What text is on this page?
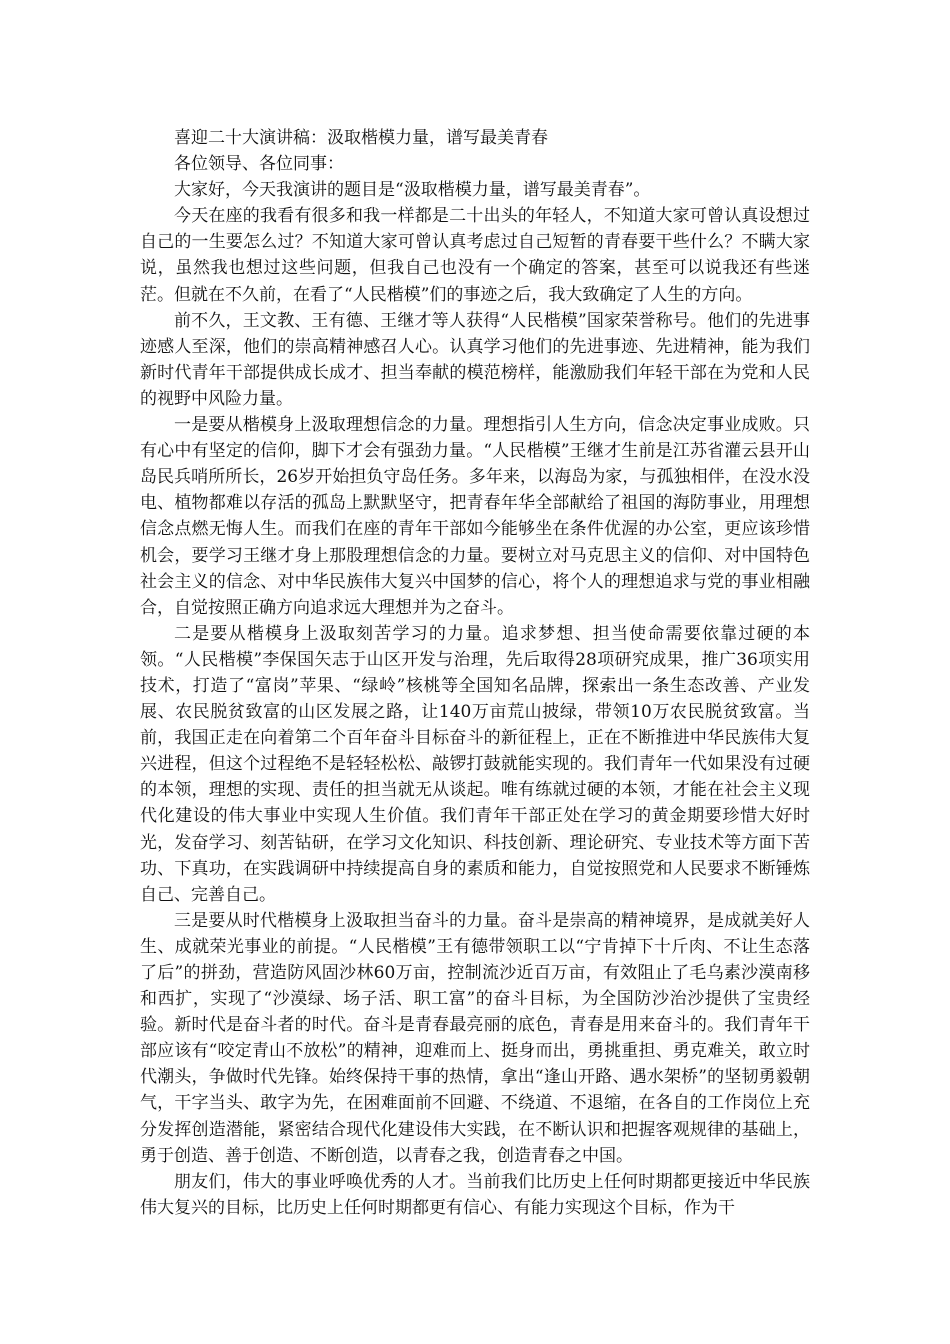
喜迎二十大演讲稿：汲取楷模力量，谱写最美青春

各位领导、各位同事：

大家好，今天我演讲的题目是“汲取楷模力量，谱写最美青春”。

今天在座的我看有很多和我一样都是二十出头的年轻人，不知道大家可曾认真设想过自己的一生要怎么过？不知道大家可曾认真考虑过自己短暂的青春要干些什么？不瞒大家说，虽然我也想过这些问题，但我自己也没有一个确定的答案，甚至可以说我还有些迷茫。但就在不久前，在看了“人民楷模”们的事迹之后，我大致确定了人生的方向。

前不久，王文教、王有德、王继才等人获得“人民楷模”国家荣誉称号。他们的先进事迹感人至深，他们的崇高精神感召人心。认真学习他们的先进事迹、先进精神，能为我们新时代青年干部提供成长成才、担当奉献的模范榜样，能激励我们年轻干部在为党和人民的视野中风险力量。

一是要从楷模身上汲取理想信念的力量。理想指引人生方向，信念决定事业成败。只有心中有坚定的信仰，脚下才会有强劲力量。“人民楷模”王继才生前是江苏省灌云县开山岛民兵哨所所长，26岁开始担负守岛任务。多年来，以海岛为家，与孤独相伴，在没水没电、植物都难以存活的孤岛上默默坚守，把青春年华全部献给了祖国的海防事业，用理想信念点燃无悔人生。而我们在座的青年干部如今能够坐在条件优渥的办公室，更应该珍惜机会，要学习王继才身上那股理想信念的力量。要树立对马克思主义的信仰、对中国特色社会主义的信念、对中华民族伟大复兴中国梦的信心，将个人的理想追求与党的事业相融合，自觉按照正确方向追求远大理想并为之奋斗。

二是要从楷模身上汲取刻苦学习的力量。追求梦想、担当使命需要依靠过硬的本领。“人民楷模”李保国矢志于山区开发与治理，先后取得28项研究成果，推广36项实用技术，打造了“富岗”苹果、“绿岭”核桃等全国知名品牌，探索出一条生态改善、产业发展、农民脱贫致富的山区发展之路，让140万亩荒山披绿，带领10万农民脱贫致富。当前，我国正走在向着第二个百年奋斗目标奋斗的新征程上，正在不断推进中华民族伟大复兴进程，但这个过程绝不是轻轻松松、敲锣打鼓就能实现的。我们青年一代如果没有过硬的本领，理想的实现、责任的担当就无从谈起。唯有练就过硬的本领，才能在社会主义现代化建设的伟大事业中实现人生价值。我们青年干部正处在学习的黄金期要珍惜大好时光，发奋学习、刻苦钻研，在学习文化知识、科技创新、理论研究、专业技术等方面下苦功、下真功，在实践调研中持续提高自身的素质和能力，自觉按照党和人民要求不断锤炼自己、完善自己。

三是要从时代楷模身上汲取担当奋斗的力量。奋斗是崇高的精神境界，是成就美好人生、成就荣光事业的前提。“人民楷模”王有德带领职工以“宁肯掉下十斤肉、不让生态落了后”的拼劲，营造防风固沙林60万亩，控制流沙近百万亩，有效阻止了毛乌素沙漠南移和西扩，实现了“沙漠绿、场子活、职工富”的奋斗目标，为全国防沙治沙提供了宝贵经验。新时代是奋斗者的时代。奋斗是青春最亮丽的底色，青春是用来奋斗的。我们青年干部应该有“咬定青山不放松”的精神，迎难而上、挺身而出，勇挑重担、勇克难关，敢立时代潮头，争做时代先锋。始终保持干事的热情，拿出“逢山开路、遇水架桥”的坚韧勇毅朝气，干字当头、敢字为先，在困难面前不回避、不绕道、不退缩，在各自的工作岗位上充分发挥创造潜能，紧密结合现代化建设伟大实践，在不断认识和把握客观规律的基础上，勇于创造、善于创造、不断创造，以青春之我，创造青春之中国。

朋友们，伟大的事业呼唤优秀的人才。当前我们比历史上任何时期都更接近中华民族伟大复兴的目标，比历史上任何时期都更有信心、有能力实现这个目标，作为干
